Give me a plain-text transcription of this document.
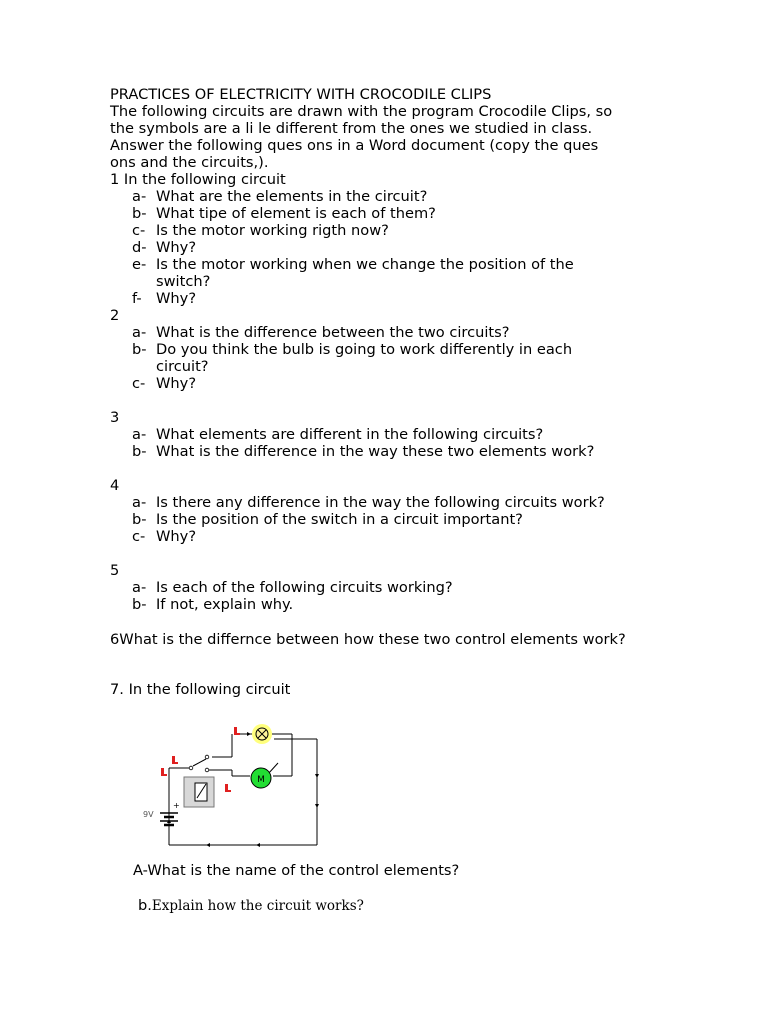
PRACTICES OF ELECTRICITY WITH CROCODILE CLIPS
The following circuits are drawn with the program Crocodile Clips, so
the symbols are a li le different from the ones we studied in class.
Answer the following ques ons in a Word document (copy the ques
ons and the circuits,).
1 In the following circuit
a- What are the elements in the circuit?
b- What tipe of element is each of them?
c- Is the motor working rigth now?
d- Why?
e- Is the motor working when we change the position of the
switch?
f- Why?
2
a- What is the difference between the two circuits?
b- Do you think the bulb is going to work differently in each
circuit?
c- Why?
3
a- What elements are different in the following circuits?
b- What is the difference in the way these two elements work?
4
a- Is there any difference in the way the following circuits work?
b- Is the position of the switch in a circuit important?
c- Why?
5
a- Is each of the following circuits working?
b- If not, explain why.
6What is the differnce between how these two control elements work?
7. In the following circuit
M
+
9V
A-What is the name of the control elements?
b.Explain how the circuit works?
